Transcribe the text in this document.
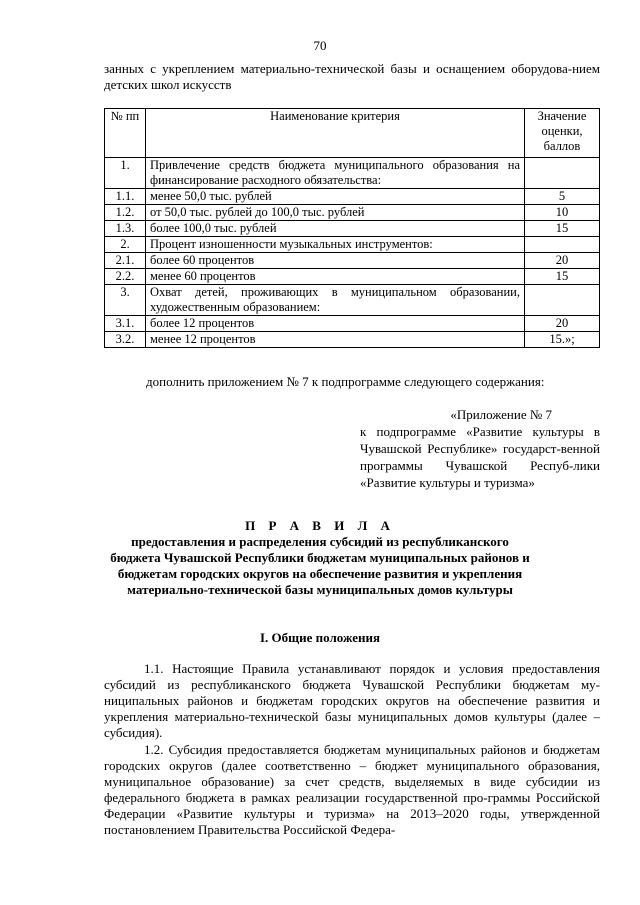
70
занных с укреплением материально-технической базы и оснащением оборудова-нием детских школ искусств
№ пп	Наименование критерия	Значение оценки, баллов
1.	Привлечение средств бюджета муниципального образования на финансирование расходного обязательства:	
1.1.	менее 50,0 тыс. рублей	5
1.2.	от 50,0 тыс. рублей до 100,0 тыс. рублей	10
1.3.	более 100,0 тыс. рублей	15
2.	Процент изношенности музыкальных инструментов:	
2.1.	более 60 процентов	20
2.2.	менее 60 процентов	15
3.	Охват детей, проживающих в муниципальном образовании, художественным образованием:	
3.1.	более 12 процентов	20
3.2.	менее 12 процентов	15.»;
дополнить приложением № 7 к подпрограмме следующего содержания:
«Приложение № 7
к подпрограмме «Развитие культуры в Чувашской Республике» государст-венной программы Чувашской Респуб-лики «Развитие культуры и туризма»
П Р А В И Л А
предоставления и распределения субсидий из республиканского бюджета Чувашской Республики бюджетам муниципальных районов и бюджетам городских округов на обеспечение развития и укрепления материально-технической базы муниципальных домов культуры
I. Общие положения
1.1. Настоящие Правила устанавливают порядок и условия предоставления субсидий из республиканского бюджета Чувашской Республики бюджетам му-ниципальных районов и бюджетам городских округов на обеспечение развития и укрепления материально-технической базы муниципальных домов культуры (далее – субсидия).
1.2. Субсидия предоставляется бюджетам муниципальных районов и бюджетам городских округов (далее соответственно – бюджет муниципального образования, муниципальное образование) за счет средств, выделяемых в виде субсидии из федерального бюджета в рамках реализации государственной про-граммы Российской Федерации «Развитие культуры и туризма» на 2013–2020 годы, утвержденной постановлением Правительства Российской Федера-
